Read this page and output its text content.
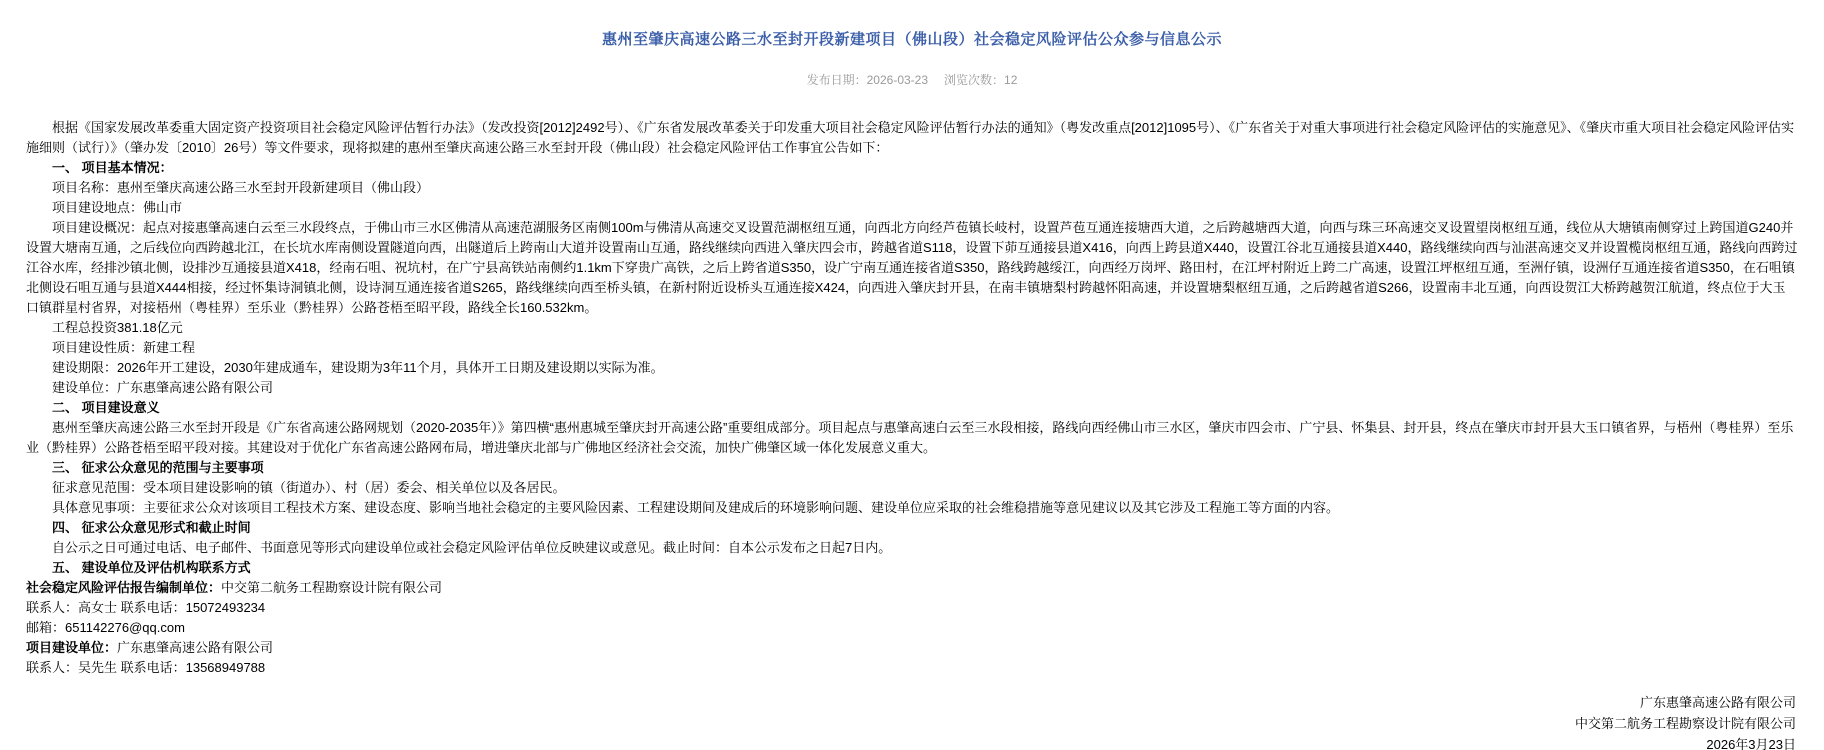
惠州至肇庆高速公路三水至封开段新建项目（佛山段）社会稳定风险评估公众参与信息公示
发布日期：2026-03-23 浏览次数：12

根据《国家发展改革委重大固定资产投资项目社会稳定风险评估暂行办法》（发改投资[2012]2492号）、《广东省发展改革委关于印发重大项目社会稳定风险评估暂行办法的通知》（粤发改重点[2012]1095号）、《广东省关于对重大事项进行社会稳定风险评估的实施意见》、《肇庆市重大项目社会稳定风险评估实施细则（试行）》（肇办发〔2010〕26号）等文件要求，现将拟建的惠州至肇庆高速公路三水至封开段（佛山段）社会稳定风险评估工作事宜公告如下：

一、 项目基本情况：

项目名称：惠州至肇庆高速公路三水至封开段新建项目（佛山段）

项目建设地点：佛山市

项目建设概况：起点对接惠肇高速白云至三水段终点，于佛山市三水区佛清从高速范湖服务区南侧100m与佛清从高速交叉设置范湖枢纽互通，向西北方向经芦苞镇长岐村，设置芦苞互通连接塘西大道，之后跨越塘西大道，向西与珠三环高速交叉设置望岗枢纽互通，线位从大塘镇南侧穿过上跨国道G240并设置大塘南互通，之后线位向西跨越北江，在长坑水库南侧设置隧道向西，出隧道后上跨南山大道并设置南山互通，路线继续向西进入肇庆四会市，跨越省道S118，设置下茆互通接县道X416，向西上跨县道X440，设置江谷北互通接县道X440，路线继续向西与汕湛高速交叉并设置榄岗枢纽互通，路线向西跨过江谷水库，经排沙镇北侧，设排沙互通接县道X418，经南石咀、祝坑村，在广宁县高铁站南侧约1.1km下穿贵广高铁，之后上跨省道S350，设广宁南互通连接省道S350，路线跨越绥江，向西经万岗坪、路田村，在江坪村附近上跨二广高速，设置江坪枢纽互通，至洲仔镇，设洲仔互通连接省道S350，在石咀镇北侧设石咀互通与县道X444相接，经过怀集诗洞镇北侧，设诗洞互通连接省道S265，路线继续向西至桥头镇，在新村附近设桥头互通连接X424，向西进入肇庆封开县，在南丰镇塘梨村跨越怀阳高速，并设置塘梨枢纽互通，之后跨越省道S266，设置南丰北互通，向西设贺江大桥跨越贺江航道，终点位于大玉口镇群星村省界，对接梧州（粤桂界）至乐业（黔桂界）公路苍梧至昭平段，路线全长160.532km。

工程总投资381.18亿元

项目建设性质：新建工程

建设期限：2026年开工建设，2030年建成通车，建设期为3年11个月，具体开工日期及建设期以实际为准。

建设单位：广东惠肇高速公路有限公司

二、 项目建设意义

惠州至肇庆高速公路三水至封开段是《广东省高速公路网规划（2020-2035年）》第四横“惠州惠城至肇庆封开高速公路”重要组成部分。项目起点与惠肇高速白云至三水段相接，路线向西经佛山市三水区，肇庆市四会市、广宁县、怀集县、封开县，终点在肇庆市封开县大玉口镇省界，与梧州（粤桂界）至乐业（黔桂界）公路苍梧至昭平段对接。其建设对于优化广东省高速公路网布局，增进肇庆北部与广佛地区经济社会交流，加快广佛肇区域一体化发展意义重大。

三、 征求公众意见的范围与主要事项

征求意见范围：受本项目建设影响的镇（街道办）、村（居）委会、相关单位以及各居民。

具体意见事项：主要征求公众对该项目工程技术方案、建设态度、影响当地社会稳定的主要风险因素、工程建设期间及建成后的环境影响问题、建设单位应采取的社会维稳措施等意见建议以及其它涉及工程施工等方面的内容。

四、 征求公众意见形式和截止时间

自公示之日可通过电话、电子邮件、书面意见等形式向建设单位或社会稳定风险评估单位反映建议或意见。截止时间：自本公示发布之日起7日内。

五、 建设单位及评估机构联系方式

社会稳定风险评估报告编制单位：中交第二航务工程勘察设计院有限公司

联系人：高女士 联系电话：15072493234

邮箱：651142276@qq.com

项目建设单位：广东惠肇高速公路有限公司

联系人：吴先生 联系电话：13568949788

广东惠肇高速公路有限公司
中交第二航务工程勘察设计院有限公司
2026年3月23日
